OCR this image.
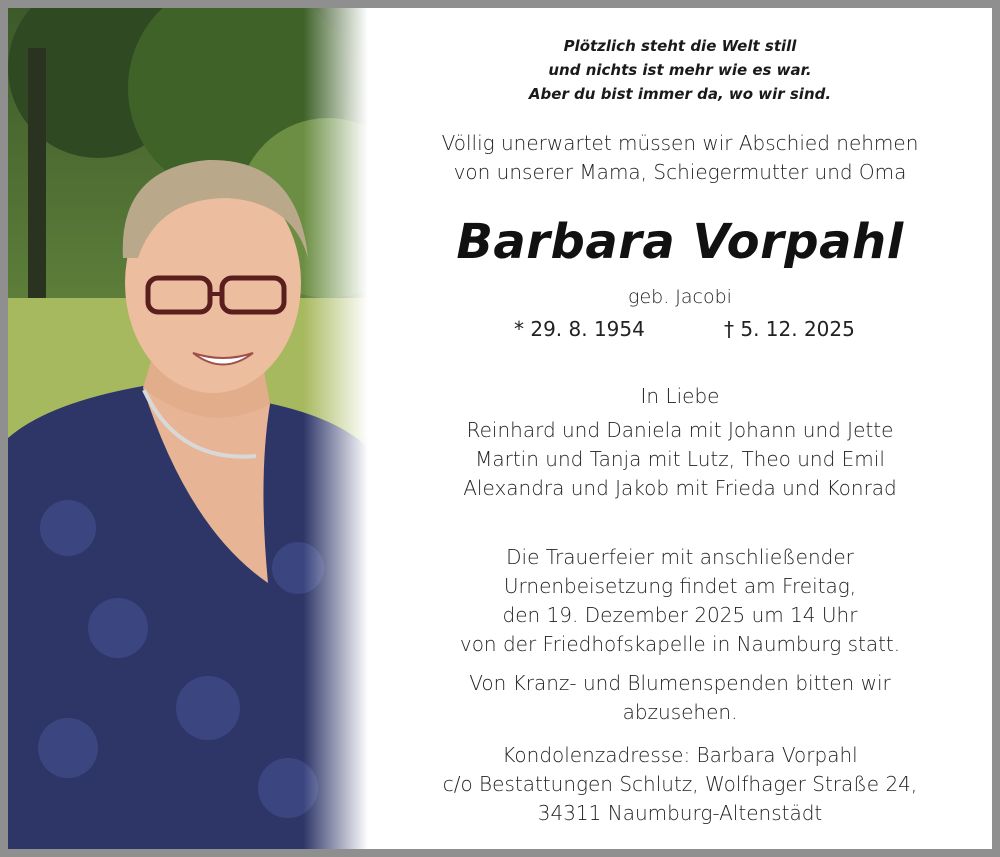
Plötzlich steht die Welt still
und nichts ist mehr wie es war.
Aber du bist immer da, wo wir sind.
Völlig unerwartet müssen wir Abschied nehmen
von unserer Mama, Schiegermutter und Oma
Barbara Vorpahl
geb. Jacobi
* 29. 8. 1954	† 5. 12. 2025
In Liebe
Reinhard und Daniela mit Johann und Jette
Martin und Tanja mit Lutz, Theo und Emil
Alexandra und Jakob mit Frieda und Konrad
Die Trauerfeier mit anschließender
Urnenbeisetzung findet am Freitag,
den 19. Dezember 2025 um 14 Uhr
von der Friedhofskapelle in Naumburg statt.
Von Kranz- und Blumenspenden bitten wir
abzusehen.
Kondolenzadresse: Barbara Vorpahl
c/o Bestattungen Schlutz, Wolfhager Straße 24,
34311 Naumburg-Altenstädt
